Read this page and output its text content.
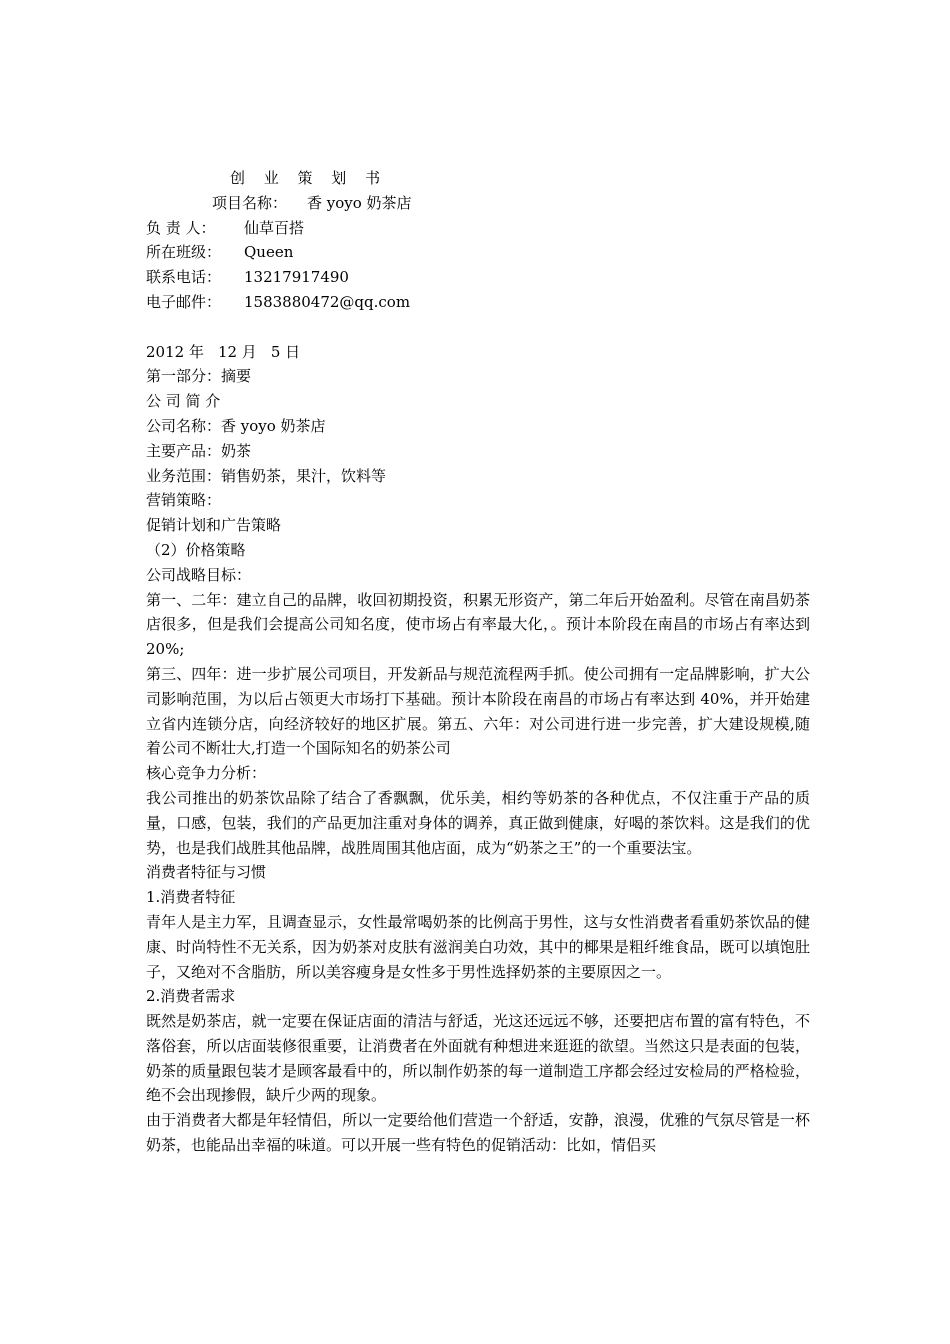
创 业 策 划 书
项目名称： 香 yoyo 奶茶店
负 责 人： 仙草百搭
所在班级： Queen
联系电话： 13217917490
电子邮件： 1583880472@qq.com
2012 年 12 月 5 日
第一部分：摘要
公 司 简 介
公司名称：香 yoyo 奶茶店
主要产品：奶茶
业务范围：销售奶茶，果汁，饮料等
营销策略：
促销计划和广告策略
（2）价格策略
公司战略目标：
第一、二年：建立自己的品牌，收回初期投资，积累无形资产，第二年后开始盈利。尽管在南昌奶茶店很多，但是我们会提高公司知名度，使市场占有率最大化，。预计本阶段在南昌的市场占有率达到 20%;
第三、四年：进一步扩展公司项目，开发新品与规范流程两手抓。使公司拥有一定品牌影响，扩大公司影响范围，为以后占领更大市场打下基础。预计本阶段在南昌的市场占有率达到 40%，并开始建立省内连锁分店，向经济较好的地区扩展。第五、六年：对公司进行进一步完善，扩大建设规模,随着公司不断壮大,打造一个国际知名的奶茶公司
核心竞争力分析：
我公司推出的奶茶饮品除了结合了香飘飘，优乐美，相约等奶茶的各种优点，不仅注重于产品的质量，口感，包装，我们的产品更加注重对身体的调养，真正做到健康，好喝的茶饮料。这是我们的优势，也是我们战胜其他品牌，战胜周围其他店面，成为“奶茶之王”的一个重要法宝。
消费者特征与习惯
1.消费者特征
青年人是主力军，且调查显示，女性最常喝奶茶的比例高于男性，这与女性消费者看重奶茶饮品的健康、时尚特性不无关系，因为奶茶对皮肤有滋润美白功效，其中的椰果是粗纤维食品，既可以填饱肚子，又绝对不含脂肪，所以美容瘦身是女性多于男性选择奶茶的主要原因之一。
2.消费者需求
既然是奶茶店，就一定要在保证店面的清洁与舒适，光这还远远不够，还要把店布置的富有特色，不落俗套，所以店面装修很重要，让消费者在外面就有种想进来逛逛的欲望。当然这只是表面的包装，奶茶的质量跟包装才是顾客最看中的，所以制作奶茶的每一道制造工序都会经过安检局的严格检验，绝不会出现掺假，缺斤少两的现象。
由于消费者大都是年轻情侣，所以一定要给他们营造一个舒适，安静，浪漫，优雅的气氛尽管是一杯奶茶，也能品出幸福的味道。可以开展一些有特色的促销活动：比如，情侣买
